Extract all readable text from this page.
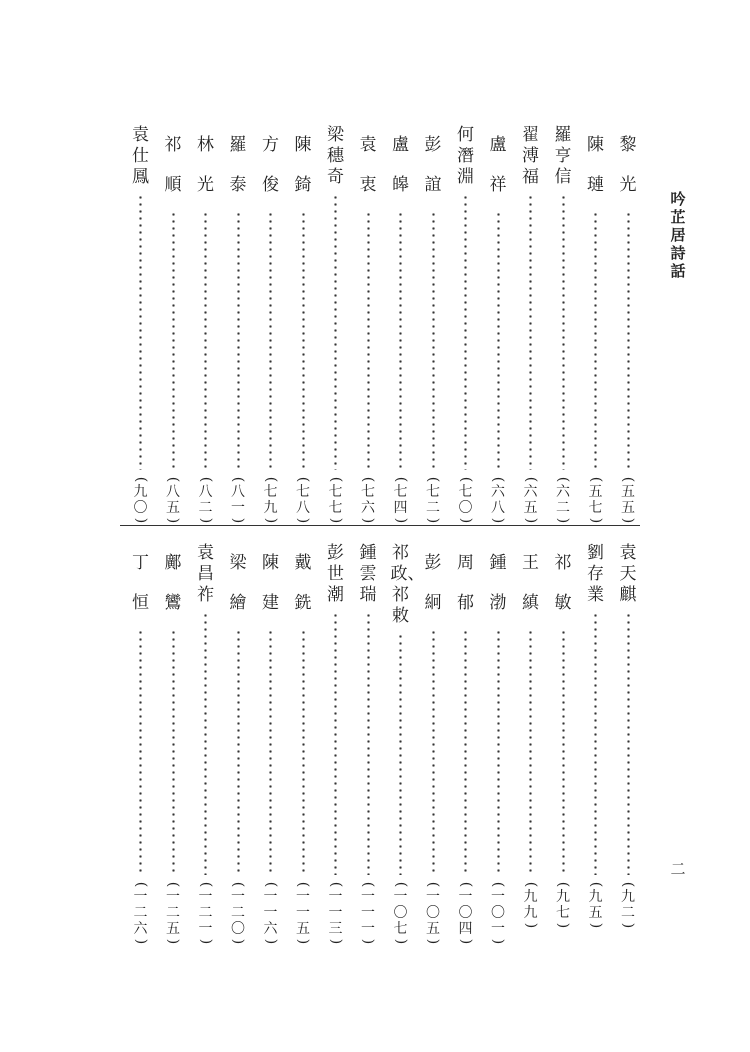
吟芷居詩話
二
黎光
(
五五
)
陳璉
(
五七
)
羅亨信
(
六二
)
翟溥福
(
六五
)
盧祥
(
六八
)
何潛淵
(
七〇
)
彭誼
(
七二
)
盧皞
(
七四
)
袁衷
(
七六
)
梁穗奇
(
七七
)
陳錡
(
七八
)
方俊
(
七九
)
羅泰
(
八一
)
林光
(
八二
)
祁順
(
八五
)
袁仕鳳
(
九〇
)
袁天麒
(
九二
)
劉存業
(
九五
)
祁敏
(
九七
)
王縝
(
九九
)
鍾渤
(
一〇一
)
周郁
(
一〇四
)
彭絅
(
一〇五
)
祁政、祁敕
(
一〇七
)
鍾雲瑞
(
一一一
)
彭世潮
(
一一三
)
戴銑
(
一一五
)
陳建
(
一一六
)
梁繪
(
一二〇
)
袁昌祚
(
一二一
)
鄺鸞
(
一二五
)
丁恒
(
一二六
)
